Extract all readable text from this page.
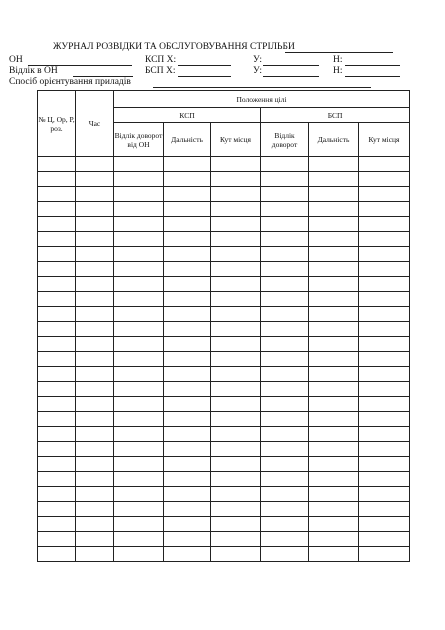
ЖУРНАЛ РОЗВІДКИ ТА ОБСЛУГОВУВАННЯ СТРІЛЬБИ
ОН	КСП Х:	У:	Н:
Відлік в ОН	БСП Х:	У:	Н:
Спосіб орієнтування приладів
№ Ц, Ор, Р, роз.	Час	Положення цілі					
		КСП			БСП		
		Відлік доворот від ОН	Дальність	Кут місця	Відлік доворот	Дальність	Кут місця
